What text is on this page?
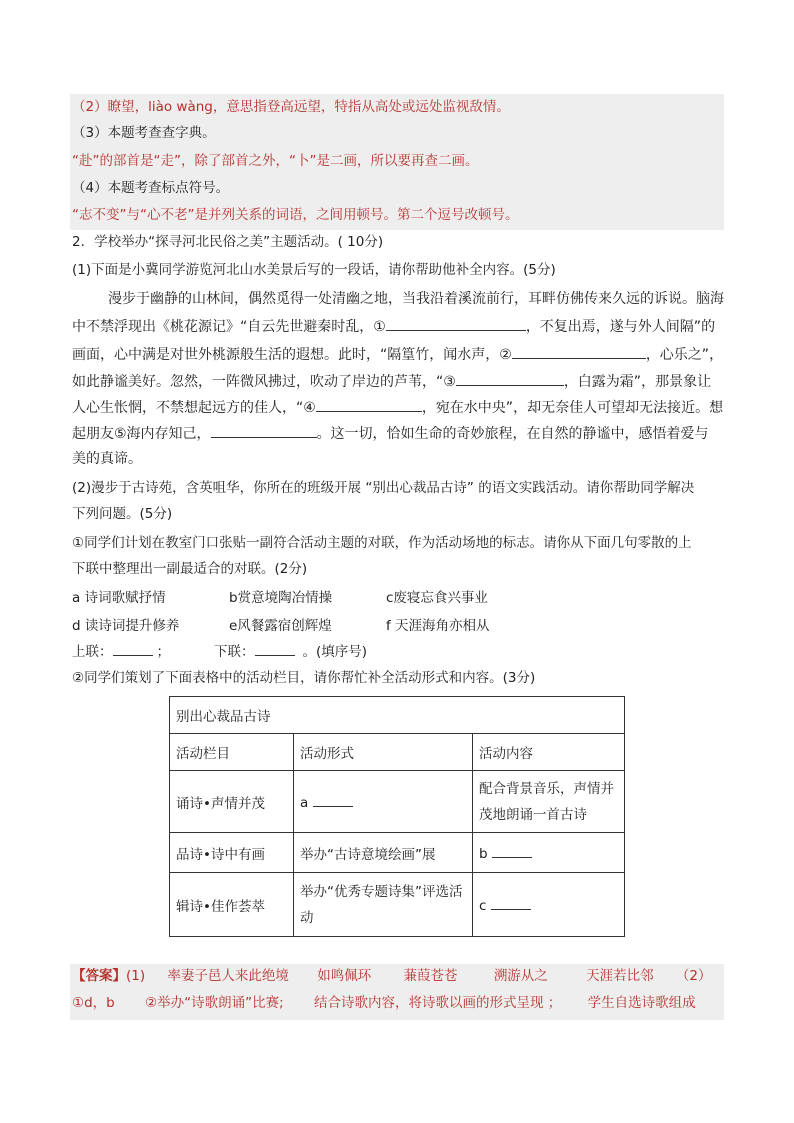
（2）瞭望，liào wàng，意思指登高远望，特指从高处或远处监视敌情。
（3）本题考查查字典。
“赴”的部首是“走”，除了部首之外，“卜”是二画，所以要再查二画。
（4）本题考查标点符号。
“志不变”与“心不老”是并列关系的词语，之间用顿号。第二个逗号改顿号。
2．学校举办“探寻河北民俗之美”主题活动。( 10分)
(1)下面是小冀同学游览河北山水美景后写的一段话，请你帮助他补全内容。(5分)
漫步于幽静的山林间，偶然觅得一处清幽之地，当我沿着溪流前行，耳畔仿佛传来久远的诉说。脑海
中不禁浮现出《桃花源记》“自云先世避秦时乱，①	，不复出焉，遂与外人间隔”的
画面，心中满是对世外桃源般生活的遐想。此时，“隔篁竹，闻水声，②	，心乐之”，
如此静谧美好。忽然，一阵微风拂过，吹动了岸边的芦苇，“③	，白露为霜”，那景象让
人心生怅惘，不禁想起远方的佳人，“④	，宛在水中央”，却无奈佳人可望却无法接近。想
起朋友⑤海内存知己，	。这一切，恰如生命的奇妙旅程，在自然的静谧中，感悟着爱与
美的真谛。
(2)漫步于古诗苑，含英咀华，你所在的班级开展 “别出心裁品古诗” 的语文实践活动。请你帮助同学解决
下列问题。(5分)
①同学们计划在教室门口张贴一副符合活动主题的对联，作为活动场地的标志。请你从下面几句零散的上
下联中整理出一副最适合的对联。(2分)
a 诗词歌赋抒情	b赏意境陶冶情操	c废寝忘食兴事业
d 读诗词提升修养	e风餐露宿创辉煌	f 天涯海角亦相从
上联：	；	下联：	。(填序号)
②同学们策划了下面表格中的活动栏目，请你帮忙补全活动形式和内容。(3分)
别出心裁品古诗		
活动栏目	活动形式	活动内容
诵诗•声情并茂	a	配合背景音乐，声情并茂地朗诵一首古诗
品诗•诗中有画	举办“古诗意境绘画”展	b
辑诗•佳作荟萃	举办“优秀专题诗集”评选活动	c
【答案】(1) 率妻子邑人来此绝境 如鸣佩环 蒹葭苍苍	溯游从之	天涯若比邻 （2）
①d，b ②举办“诗歌朗诵”比赛; 结合诗歌内容，将诗歌以画的形式呈现 ； 学生自选诗歌组成
